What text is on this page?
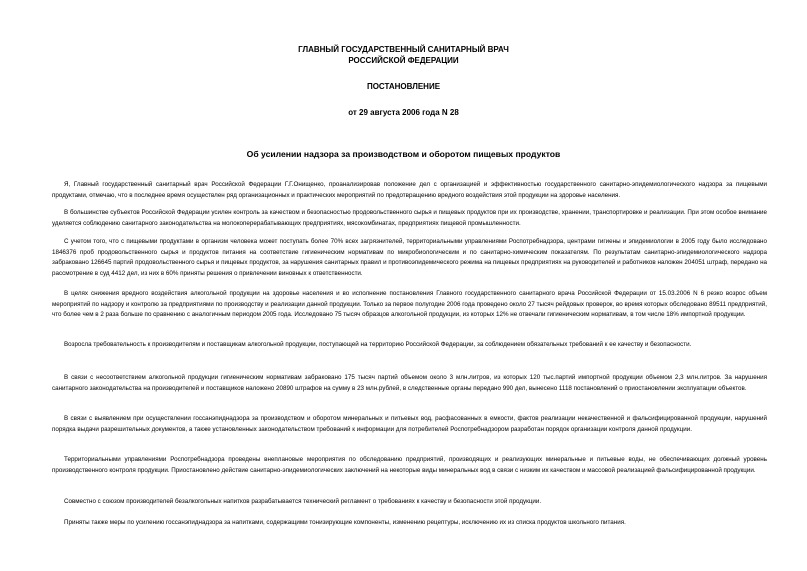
ГЛАВНЫЙ ГОСУДАРСТВЕННЫЙ САНИТАРНЫЙ ВРАЧ
РОССИЙСКОЙ ФЕДЕРАЦИИ
ПОСТАНОВЛЕНИЕ
от 29 августа 2006 года N 28
Об усилении надзора за производством и оборотом пищевых продуктов

Я, Главный государственный санитарный врач Российской Федерации Г.Г.Онищенко, проанализировав положение дел с организацией и эффективностью государственного санитарно-эпидемиологического надзора за пищевыми продуктами, отмечаю, что в последнее время осуществлен ряд организационных и практических мероприятий по предотвращению вредного воздействия этой продукции на здоровье населения.

В большинстве субъектов Российской Федерации усилен контроль за качеством и безопасностью продовольственного сырья и пищевых продуктов при их производстве, хранении, транспортировке и реализации. При этом особое внимание уделяется соблюдению санитарного законодательства на молокоперерабатывающих предприятиях, мясокомбинатах, предприятиях пищевой промышленности.

С учетом того, что с пищевыми продуктами в организм человека может поступать более 70% всех загрязнителей, территориальными управлениями Роспотребнадзора, центрами гигиены и эпидемиологии в 2005 году было исследовано 1846376 проб продовольственного сырья и продуктов питания на соответствие гигиеническим нормативам по микробиологическим и по санитарно-химическим показателям. По результатам санитарно-эпидемиологического надзора забраковано 126645 партий продовольственного сырья и пищевых продуктов, за нарушения санитарных правил и противоэпидемического режима на пищевых предприятиях на руководителей и работников наложен 204051 штраф, передано на рассмотрение в суд 4412 дел, из них в 60% приняты решения о привлечении виновных к ответственности.

В целях снижения вредного воздействия алкогольной продукции на здоровье населения и во исполнение постановления Главного государственного санитарного врача Российской Федерации от 15.03.2006 N 6 резко возрос объем мероприятий по надзору и контролю за предприятиями по производству и реализации данной продукции. Только за первое полугодие 2006 года проведено около 27 тысяч рейдовых проверок, во время которых обследовано 89511 предприятий, что более чем в 2 раза больше по сравнению с аналогичным периодом 2005 года. Исследовано 75 тысяч образцов алкогольной продукции, из которых 12% не отвечали гигиеническим нормативам, в том числе 18% импортной продукции.

Возросла требовательность к производителям и поставщикам алкогольной продукции, поступающей на территорию Российской Федерации, за соблюдением обязательных требований к ее качеству и безопасности.

В связи с несоответствием алкогольной продукции гигиеническим нормативам забраковано 175 тысяч партий объемом около 3 млн.литров, из которых 120 тыс.партий импортной продукции объемом 2,3 млн.литров. За нарушения санитарного законодательства на производителей и поставщиков наложено 20890 штрафов на сумму в 23 млн.рублей, в следственные органы передано 990 дел, вынесено 1118 постановлений о приостановлении эксплуатации объектов.

В связи с выявлением при осуществлении госсанэпиднадзора за производством и оборотом минеральных и питьевых вод, расфасованных в емкости, фактов реализации некачественной и фальсифицированной продукции, нарушений порядка выдачи разрешительных документов, а также установленных законодательством требований к информации для потребителей Роспотребнадзором разработан порядок организации контроля данной продукции.

Территориальными управлениями Роспотребнадзора проведены внеплановые мероприятия по обследованию предприятий, производящих и реализующих минеральные и питьевые воды, не обеспечивающих должный уровень производственного контроля продукции. Приостановлено действие санитарно-эпидемиологических заключений на некоторые виды минеральных вод в связи с низким их качеством и массовой реализацией фальсифицированной продукции.

Совместно с союзом производителей безалкогольных напитков разрабатывается технический регламент о требованиях к качеству и безопасности этой продукции.

Приняты также меры по усилению госсанэпиднадзора за напитками, содержащими тонизирующие компоненты, изменению рецептуры, исключению их из списка продуктов школьного питания.
